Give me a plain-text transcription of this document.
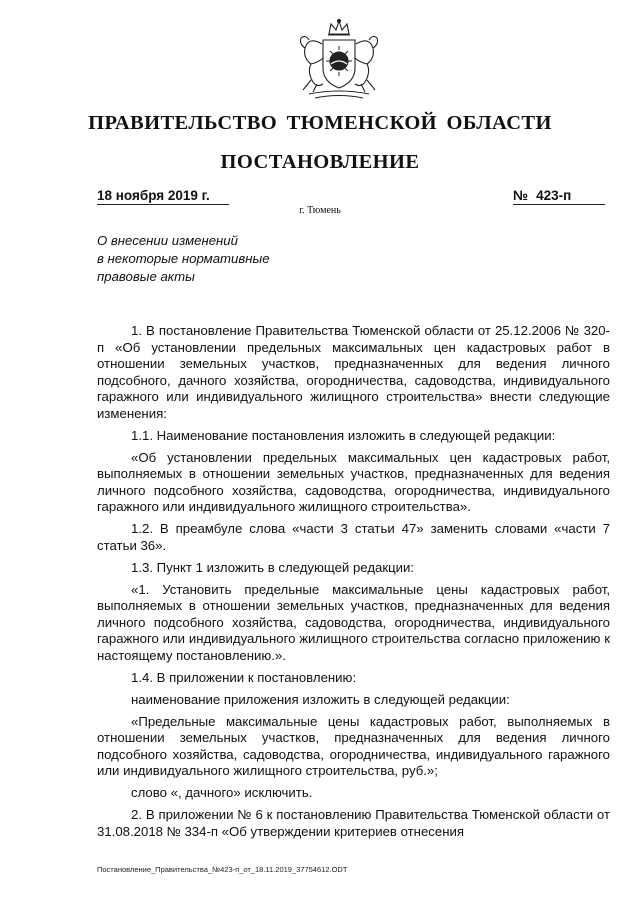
ПРАВИТЕЛЬСТВО ТЮМЕНСКОЙ ОБЛАСТИ
ПОСТАНОВЛЕНИЕ
18 ноября 2019 г.	№ 423-п
г. Тюмень
О внесении изменений
в некоторые нормативные
правовые акты

1. В постановление Правительства Тюменской области от 25.12.2006 № 320-п «Об установлении предельных максимальных цен кадастровых работ в отношении земельных участков, предназначенных для ведения личного подсобного, дачного хозяйства, огородничества, садоводства, индивидуального гаражного или индивидуального жилищного строительства» внести следующие изменения:

1.1. Наименование постановления изложить в следующей редакции:

«Об установлении предельных максимальных цен кадастровых работ, выполняемых в отношении земельных участков, предназначенных для ведения личного подсобного хозяйства, садоводства, огородничества, индивидуального гаражного или индивидуального жилищного строительства».

1.2. В преамбуле слова «части 3 статьи 47» заменить словами «части 7 статьи 36».

1.3. Пункт 1 изложить в следующей редакции:

«1. Установить предельные максимальные цены кадастровых работ, выполняемых в отношении земельных участков, предназначенных для ведения личного подсобного хозяйства, садоводства, огородничества, индивидуального гаражного или индивидуального жилищного строительства согласно приложению к настоящему постановлению.».

1.4. В приложении к постановлению:

наименование приложения изложить в следующей редакции:

«Предельные максимальные цены кадастровых работ, выполняемых в отношении земельных участков, предназначенных для ведения личного подсобного хозяйства, садоводства, огородничества, индивидуального гаражного или индивидуального жилищного строительства, руб.»;

слово «, дачного» исключить.

2. В приложении № 6 к постановлению Правительства Тюменской области от 31.08.2018 № 334-п «Об утверждении критериев отнесения

Постановление_Правительства_№423-п_от_18.11.2019_37754612.ODT
